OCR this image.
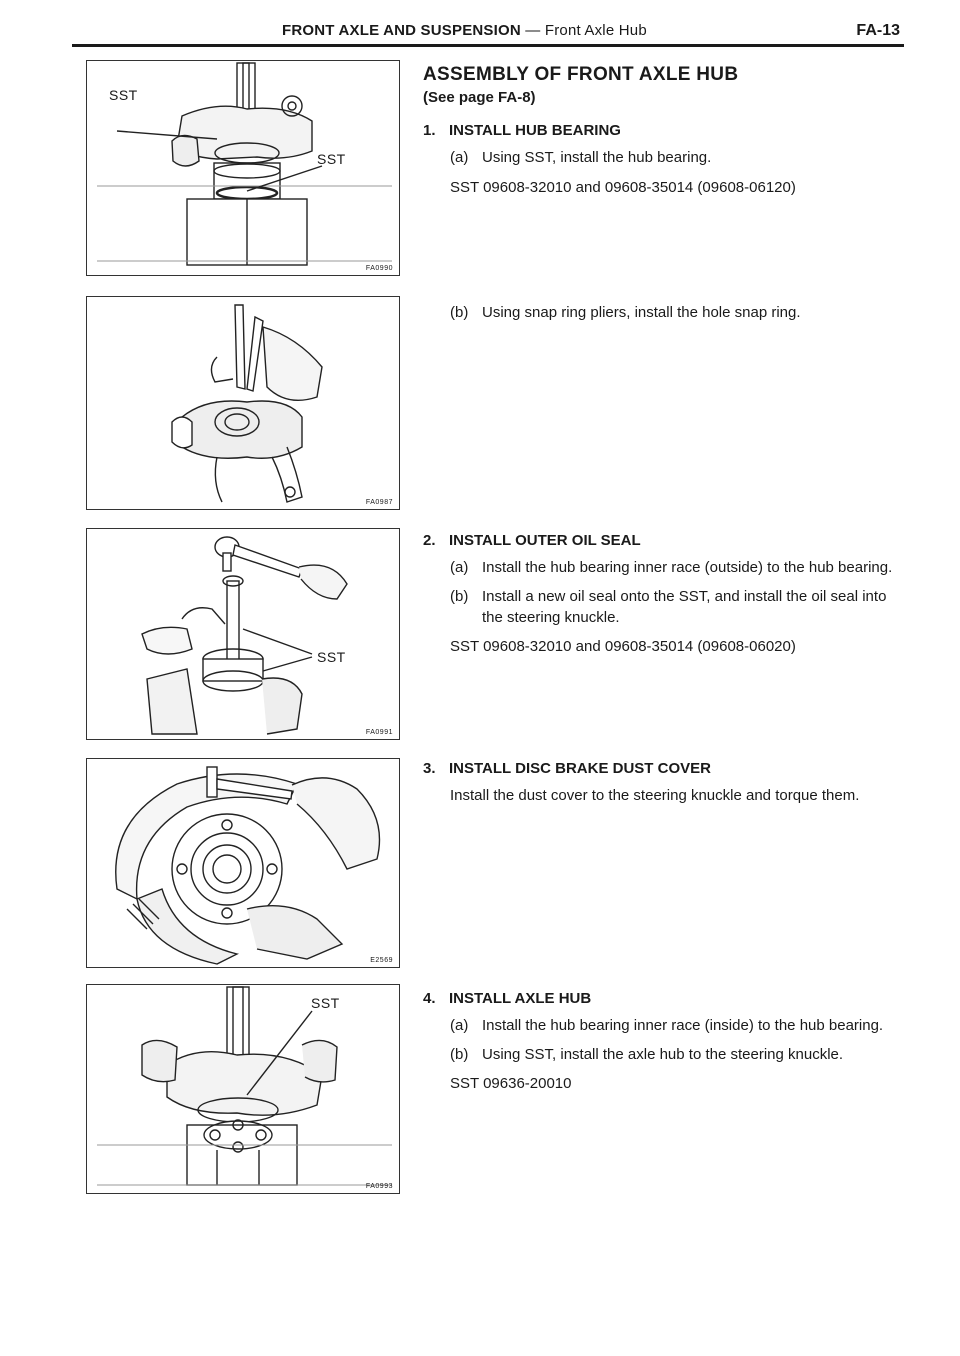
FRONT AXLE AND SUSPENSION — Front Axle Hub	FA-13
SST
SST
FA0990
FA0987
SST
FA0991
E2569
SST
FA0993
ASSEMBLY OF FRONT AXLE HUB
(See page FA-8)
1. INSTALL HUB BEARING
(a) Using SST, install the hub bearing.
SST 09608-32010 and 09608-35014 (09608-06120)
(b) Using snap ring pliers, install the hole snap ring.
2. INSTALL OUTER OIL SEAL
(a) Install the hub bearing inner race (outside) to the hub bearing.
(b) Install a new oil seal onto the SST, and install the oil seal into the steering knuckle.
SST 09608-32010 and 09608-35014 (09608-06020)
3. INSTALL DISC BRAKE DUST COVER
Install the dust cover to the steering knuckle and torque them.
4. INSTALL AXLE HUB
(a) Install the hub bearing inner race (inside) to the hub bearing.
(b) Using SST, install the axle hub to the steering knuckle.
SST 09636-20010
